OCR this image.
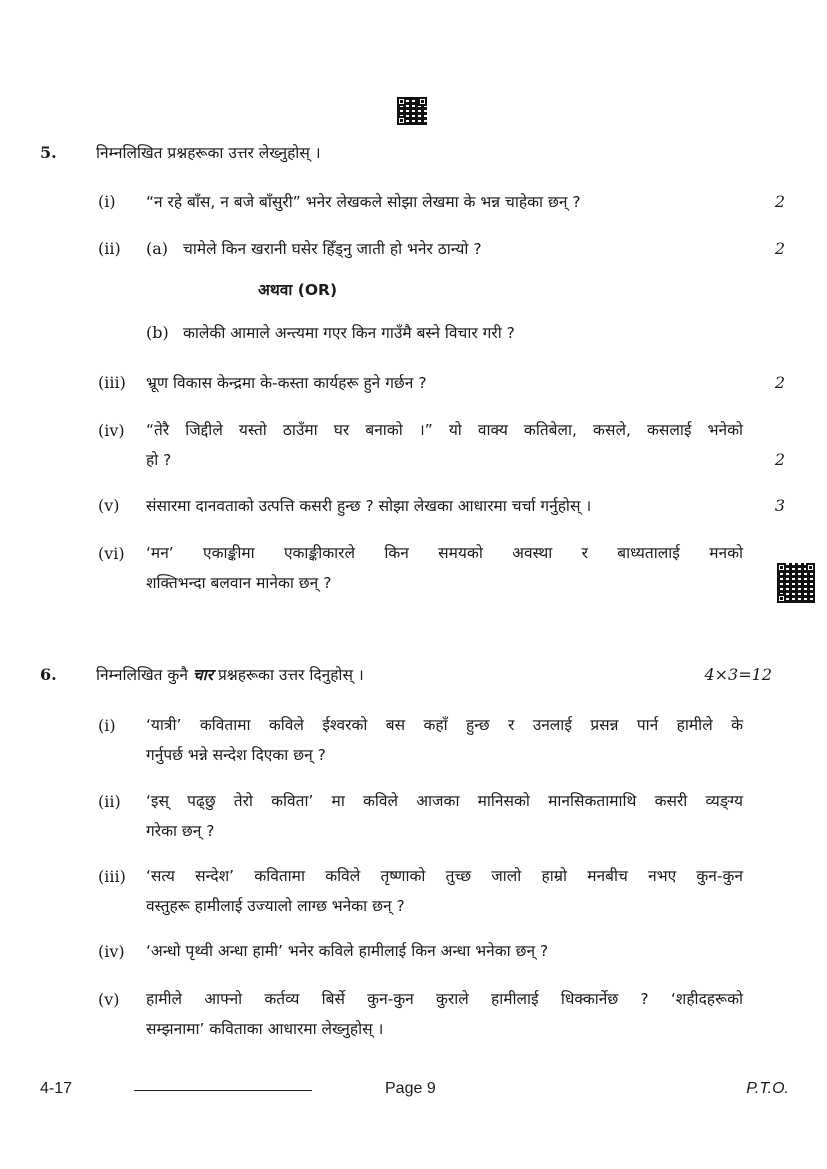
5.	निम्नलिखित प्रश्नहरूका उत्तर लेख्नुहोस् ।
(i) “न रहे बाँस, न बजे बाँसुरी” भनेर लेखकले सोझा लेखमा के भन्न चाहेका छन् ?	2
(ii) (a) चामेले किन खरानी घसेर हिँड्नु जाती हो भनेर ठान्यो ?	2
अथवा (OR)
(b) कालेकी आमाले अन्त्यमा गएर किन गाउँमै बस्ने विचार गरी ?
(iii) भ्रूण विकास केन्द्रमा के-कस्ता कार्यहरू हुने गर्छन ?	2
(iv) “तेरै जिद्दीले यस्तो ठाउँमा घर बनाको ।” यो वाक्य कतिबेला, कसले, कसलाई भनेको
हो ?	2
(v) संसारमा दानवताको उत्पत्ति कसरी हुन्छ ? सोझा लेखका आधारमा चर्चा गर्नुहोस् ।	3
(vi) ‘मन’ एकाङ्कीमा एकाङ्कीकारले किन समयको अवस्था र बाध्यतालाई मनको
शक्तिभन्दा बलवान मानेका छन् ?
6.	निम्नलिखित कुनै चार प्रश्नहरूका उत्तर दिनुहोस् ।	4×3=12
(i) ‘यात्री’ कवितामा कविले ईश्वरको बस कहाँ हुन्छ र उनलाई प्रसन्न पार्न हामीले के
गर्नुपर्छ भन्ने सन्देश दिएका छन् ?
(ii) ‘इस् पढ्छु तेरो कविता’ मा कविले आजका मानिसको मानसिकतामाथि कसरी व्यङ्ग्य
गरेका छन् ?
(iii) ‘सत्य सन्देश’ कवितामा कविले तृष्णाको तुच्छ जालो हाम्रो मनबीच नभए कुन-कुन
वस्तुहरू हामीलाई उज्यालो लाग्छ भनेका छन् ?
(iv) ‘अन्धो पृथ्वी अन्धा हामी’ भनेर कविले हामीलाई किन अन्धा भनेका छन् ?
(v) हामीले आफ्नो कर्तव्य बिर्से कुन-कुन कुराले हामीलाई धिक्कार्नेछ ? ‘शहीदहरूको
सम्झनामा’ कविताका आधारमा लेख्नुहोस् ।
4-17	Page 9	P.T.O.
